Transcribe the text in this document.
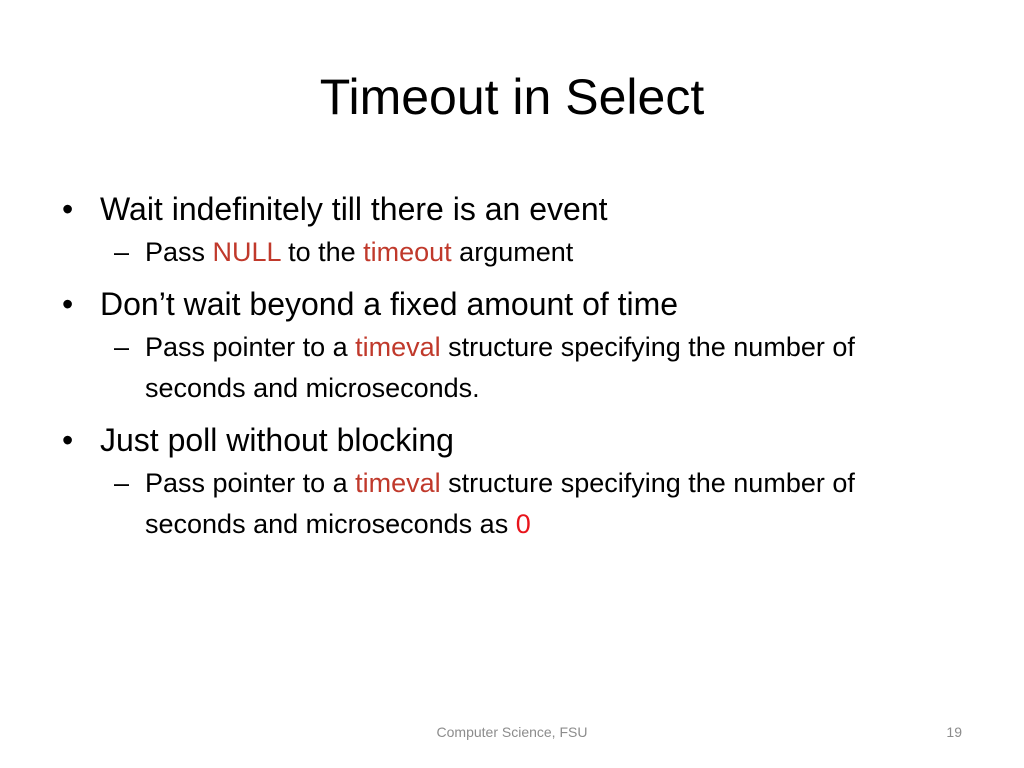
Timeout in Select

• Wait indefinitely till there is an event

– Pass NULL to the timeout argument

• Don’t wait beyond a fixed amount of time

– Pass pointer to a timeval structure specifying the number of seconds and microseconds.

• Just poll without blocking

– Pass pointer to a timeval structure specifying the number of seconds and microseconds as 0

Computer Science, FSU	19
